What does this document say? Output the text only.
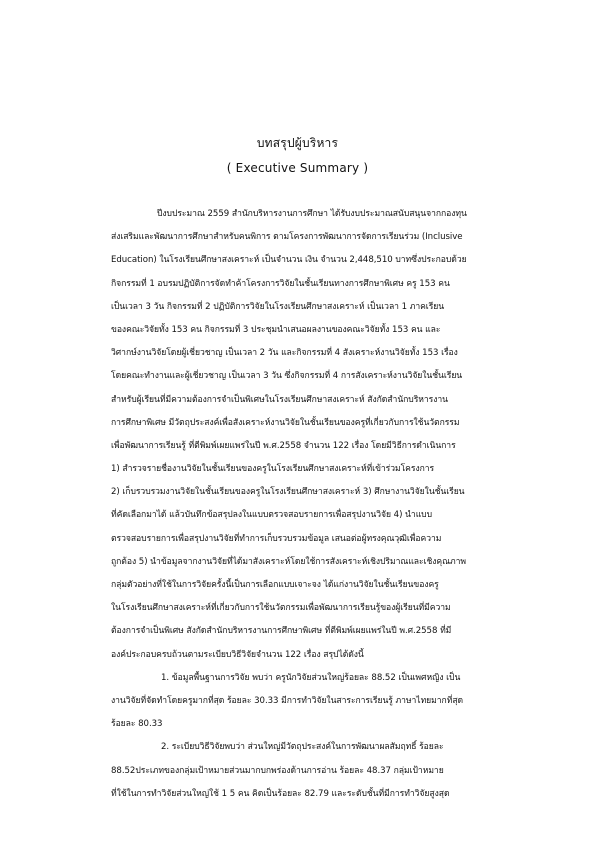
บทสรุปผู้บริหาร
( Executive Summary )
ปีงบประมาณ 2559 สำนักบริหารงานการศึกษา ได้รับงบประมาณสนับสนุนจากกองทุน
ส่งเสริมและพัฒนาการศึกษาสำหรับคนพิการ ตามโครงการพัฒนาการจัดการเรียนร่วม (Inclusive
Education) ในโรงเรียนศึกษาสงเคราะห์ เป็นจำนวน เงิน จำนวน 2,448,510 บาทซึ่งประกอบด้วย
กิจกรรมที่ 1 อบรมปฏิบัติการจัดทำค้าโครงการวิจัยในชั้นเรียนทางการศึกษาพิเศษ ครู 153 คน
เป็นเวลา 3 วัน กิจกรรมที่ 2 ปฏิบัติการวิจัยในโรงเรียนศึกษาสงเคราะห์ เป็นเวลา 1 ภาคเรียน
ของคณะวิจัยทั้ง 153 คน กิจกรรมที่ 3 ประชุมนำเสนอผลงานของคณะวิจัยทั้ง 153 คน และ
วิศากษ์งานวิจัยโดยผู้เชี่ยวชาญ เป็นเวลา 2 วัน และกิจกรรมที่ 4 สังเคราะห์งานวิจัยทั้ง 153 เรื่อง
โดยคณะทำงานและผู้เชี่ยวชาญ เป็นเวลา 3 วัน ซึ่งกิจกรรมที่ 4 การสังเคราะห์งานวิจัยในชั้นเรียน
สำหรับผู้เรียนที่มีความต้องการจำเป็นพิเศษในโรงเรียนศึกษาสงเคราะห์ สังกัดสำนักบริหารงาน
การศึกษาพิเศษ มีวัตถุประสงค์เพื่อสังเคราะห์งานวิจัยในชั้นเรียนของครูที่เกี่ยวกับการใช้นวัตกรรม
เพื่อพัฒนาการเรียนรู้ ที่ตีพิมพ์เผยแพร่ในปี พ.ศ.2558 จำนวน 122 เรื่อง โดยมีวิธีการดำเนินการ
1) สำรวจรายชื่องานวิจัยในชั้นเรียนของครูในโรงเรียนศึกษาสงเคราะห์ที่เข้าร่วมโครงการ
2) เก็บรวบรวมงานวิจัยในชั้นเรียนของครูในโรงเรียนศึกษาสงเคราะห์ 3) ศึกษางานวิจัยในชั้นเรียน
ที่คัดเลือกมาได้ แล้วบันทึกข้อสรุปลงในแบบตรวจสอบรายการเพื่อสรุปงานวิจัย 4) นำแบบ
ตรวจสอบรายการเพื่อสรุปงานวิจัยที่ทำการเก็บรวบรวมข้อมูล เสนอต่อผู้ทรงคุณวุฒิเพื่อความ
ถูกต้อง 5) นำข้อมูลจากงานวิจัยที่ได้มาสังเคราะห์โดยใช้การสังเคราะห์เชิงปริมาณและเชิงคุณภาพ
กลุ่มตัวอย่างที่ใช้ในการวิจัยครั้งนี้เป็นการเลือกแบบเจาะจง ได้แก่งานวิจัยในชั้นเรียนของครู
ในโรงเรียนศึกษาสงเคราะห์ที่เกี่ยวกับการใช้นวัตกรรมเพื่อพัฒนาการเรียนรู้ของผู้เรียนที่มีความ
ต้องการจำเป็นพิเศษ สังกัดสำนักบริหารงานการศึกษาพิเศษ ที่ตีพิมพ์เผยแพร่ในปี พ.ศ.2558 ที่มี
องค์ประกอบครบถ้วนตามระเบียบวิธีวิจัยจำนวน 122 เรื่อง สรุปได้ดังนี้
1. ข้อมูลพื้นฐานการวิจัย พบว่า ครูนักวิจัยส่วนใหญ่ร้อยละ 88.52 เป็นเพศหญิง เป็น
งานวิจัยที่จัดทำโดยครูมากที่สุด ร้อยละ 30.33 มีการทำวิจัยในสาระการเรียนรู้ ภาษาไทยมากที่สุด
ร้อยละ 80.33
2. ระเบียบวิธีวิจัยพบว่า ส่วนใหญ่มีวัตถุประสงค์ในการพัฒนาผลสัมฤทธิ์ ร้อยละ
88.52ประเภทของกลุ่มเป้าหมายส่วนมากบกพร่องด้านการอ่าน ร้อยละ 48.37 กลุ่มเป้าหมาย
ที่ใช้ในการทำวิจัยส่วนใหญ่ใช้ 1 5 คน คิดเป็นร้อยละ 82.79 และระดับชั้นที่มีการทำวิจัยสูงสุด
